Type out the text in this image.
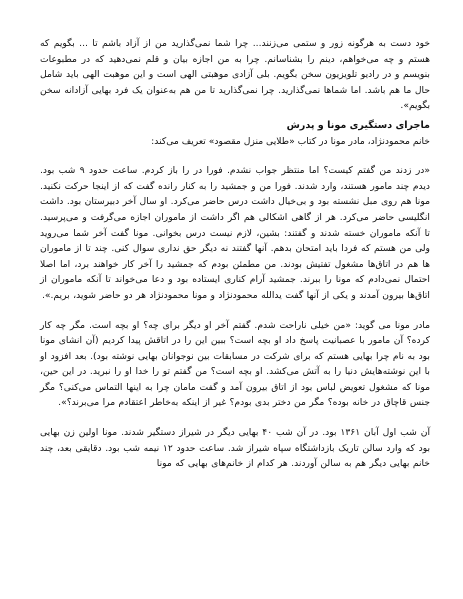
خود دست به هرگونه زور و ستمی می‌زنند... چرا شما نمی‌گذارید من از آزاد باشم تا ... بگویم که هستم و چه می‌خواهم، دینم را بشناسانم. چرا به من اجازه بیان و قلم نمی‌دهید که در مطبوعات بنویسم و در رادیو تلویزیون سخن بگویم. بلی آزادی موهبتی الهی است و این موهبت الهی باید شامل حال ما هم باشد. اما شماها نمی‌گذارید. چرا نمی‌گذارید تا من هم به‌عنوان یک فرد بهایی آزادانه سخن بگویم».

ماجرای دستگیری مونا و پدرش

خانم محمودنژاد، مادر مونا در کتاب «طلایی منزل مقصود» تعریف می‌کند:

«در زدند من گفتم کیست؟ اما منتظر جواب نشدم. فورا در را باز کردم. ساعت حدود ۹ شب بود. دیدم چند مامور هستند، وارد شدند. فورا من و جمشید را به کنار رانده گفت که از اینجا حرکت نکنید. مونا هم روی مبل نشسته بود و بی‌خیال داشت درس حاضر می‌کرد. او سال آخر دبیرستان بود. داشت انگلیسی حاضر می‌کرد. هر از گاهی اشکالی هم اگر داشت از ماموران اجازه می‌گرفت و می‌پرسید. تا آنکه ماموران خسته شدند و گفتند: بشین، لازم نیست درس بخوانی. مونا گفت آخر شما می‌روید ولی من هستم که فردا باید امتحان بدهم. آنها گفتند نه دیگر حق نداری سوال کنی. چند تا از ماموران ها هم در اتاق‌ها مشغول تفتیش بودند. من مطمئن بودم که جمشید را آخر کار خواهند برد، اما اصلا احتمال نمی‌دادم که مونا را ببرند. جمشید آرام کناری ایستاده بود و دعا می‌خواند تا آنکه ماموران از اتاق‌ها بیرون آمدند و یکی از آنها گفت یدالله محمودنژاد و مونا محمودنژاد هر دو حاضر شوید، بریم.».

مادر مونا می گوید: «من خیلی ناراحت شدم. گفتم آخر او دیگر برای چه؟ او بچه است. مگر چه کار کرده؟ آن مامور با عصبانیت پاسخ داد او بچه است؟ ببین این را در اتاقش پیدا کردیم (آن انشای مونا بود به نام چرا بهایی هستم که برای شرکت در مسابقات بین نوجوانان بهایی نوشته بود). بعد افزود او با این نوشته‌هایش دنیا را به آتش می‌کشد. او بچه است؟ من گفتم تو را خدا او را نبرید. در این حین، مونا که مشغول تعویض لباس بود از اتاق بیرون آمد و گفت مامان چرا به اینها التماس می‌کنی؟ مگر جنس قاچاق در خانه بوده؟ مگر من دختر بدی بودم؟ غیر از اینکه به‌خاطر اعتقادم مرا می‌برند؟».

آن شب اول آبان ۱۳۶۱ بود. در آن شب ۴۰ بهایی دیگر در شیراز دستگیر شدند. مونا اولین زن بهایی بود که وارد سالن تاریک بازداشتگاه سپاه شیراز شد. ساعت حدود ۱۲ نیمه شب بود. دقایقی بعد، چند خانم بهایی دیگر هم به سالن آوردند. هر کدام از خانم‌های بهایی که مونا
